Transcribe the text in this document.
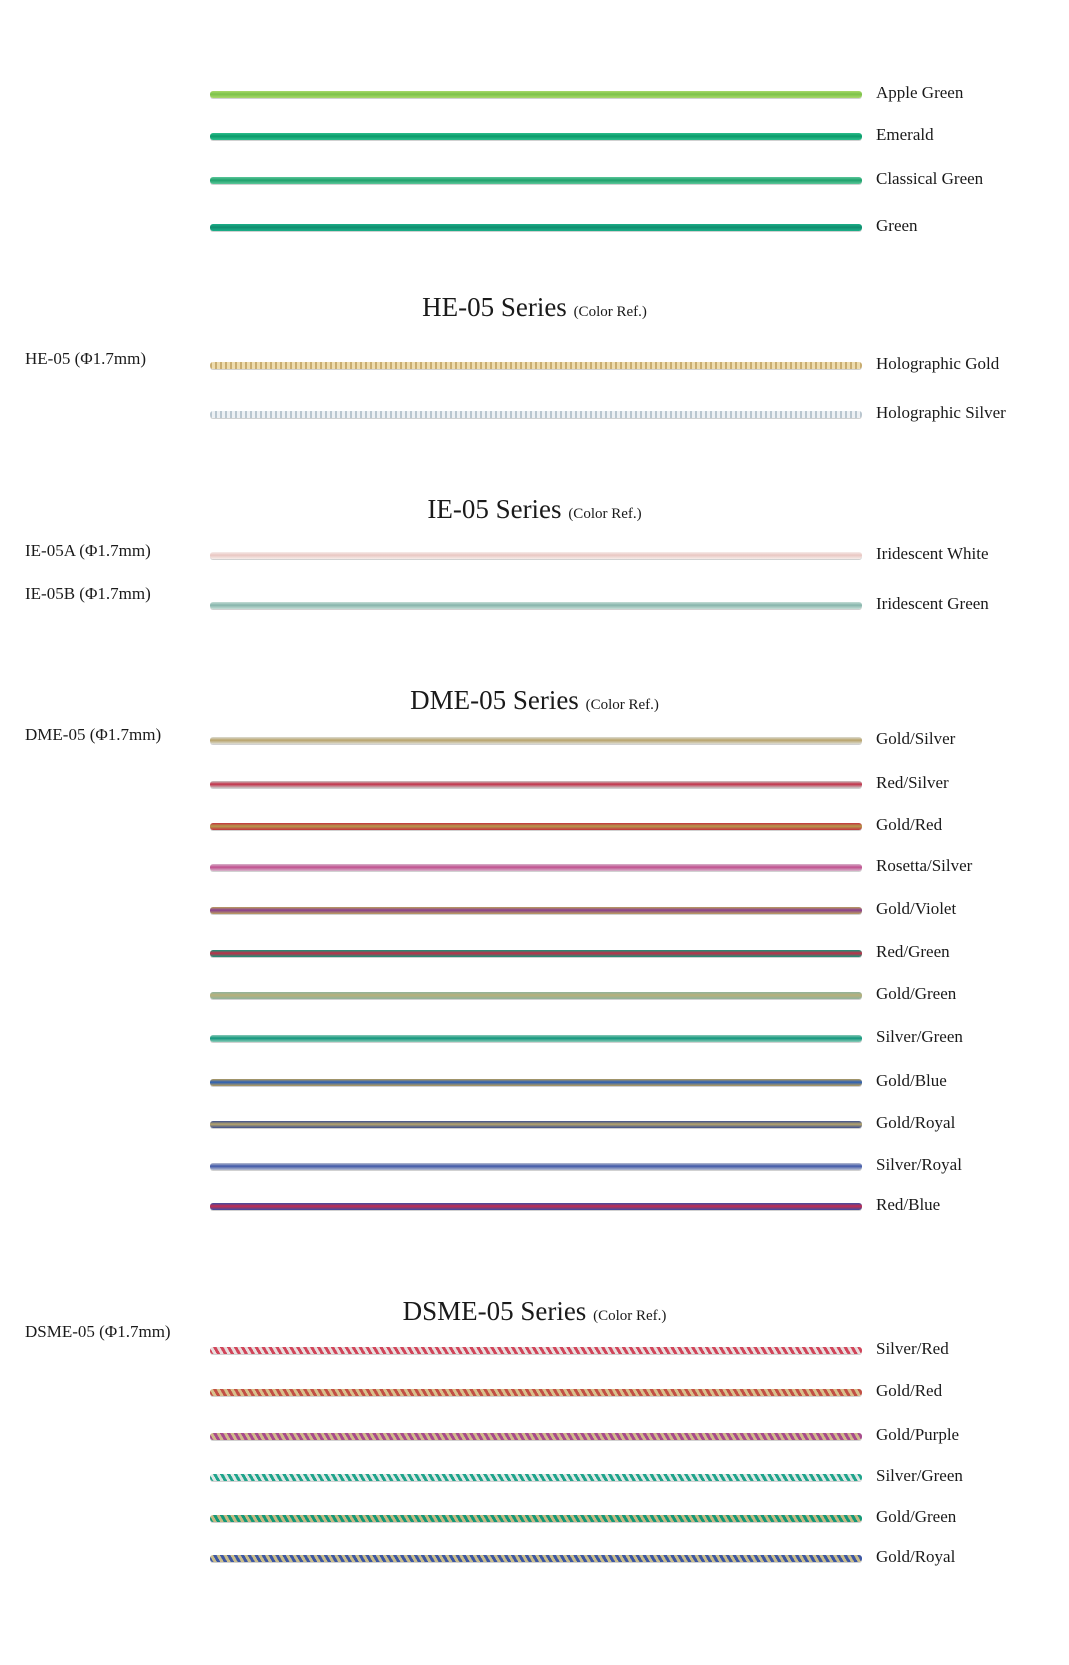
Apple Green
Emerald
Classical Green
Green
HE-05 Series (Color Ref.)
HE-05 (Φ1.7mm)	Holographic Gold
Holographic Silver
IE-05 Series (Color Ref.)
IE-05A (Φ1.7mm)
IE-05B (Φ1.7mm)
Iridescent White
Iridescent Green
DME-05 Series (Color Ref.)
DME-05 (Φ1.7mm)	Gold/Silver
Red/Silver
Gold/Red
Rosetta/Silver
Gold/Violet
Red/Green
Gold/Green
Silver/Green
Gold/Blue
Gold/Royal
Silver/Royal
Red/Blue
DSME-05 Series (Color Ref.)
DSME-05 (Φ1.7mm)
Silver/Red
Gold/Red
Gold/Purple
Silver/Green
Gold/Green
Gold/Royal
